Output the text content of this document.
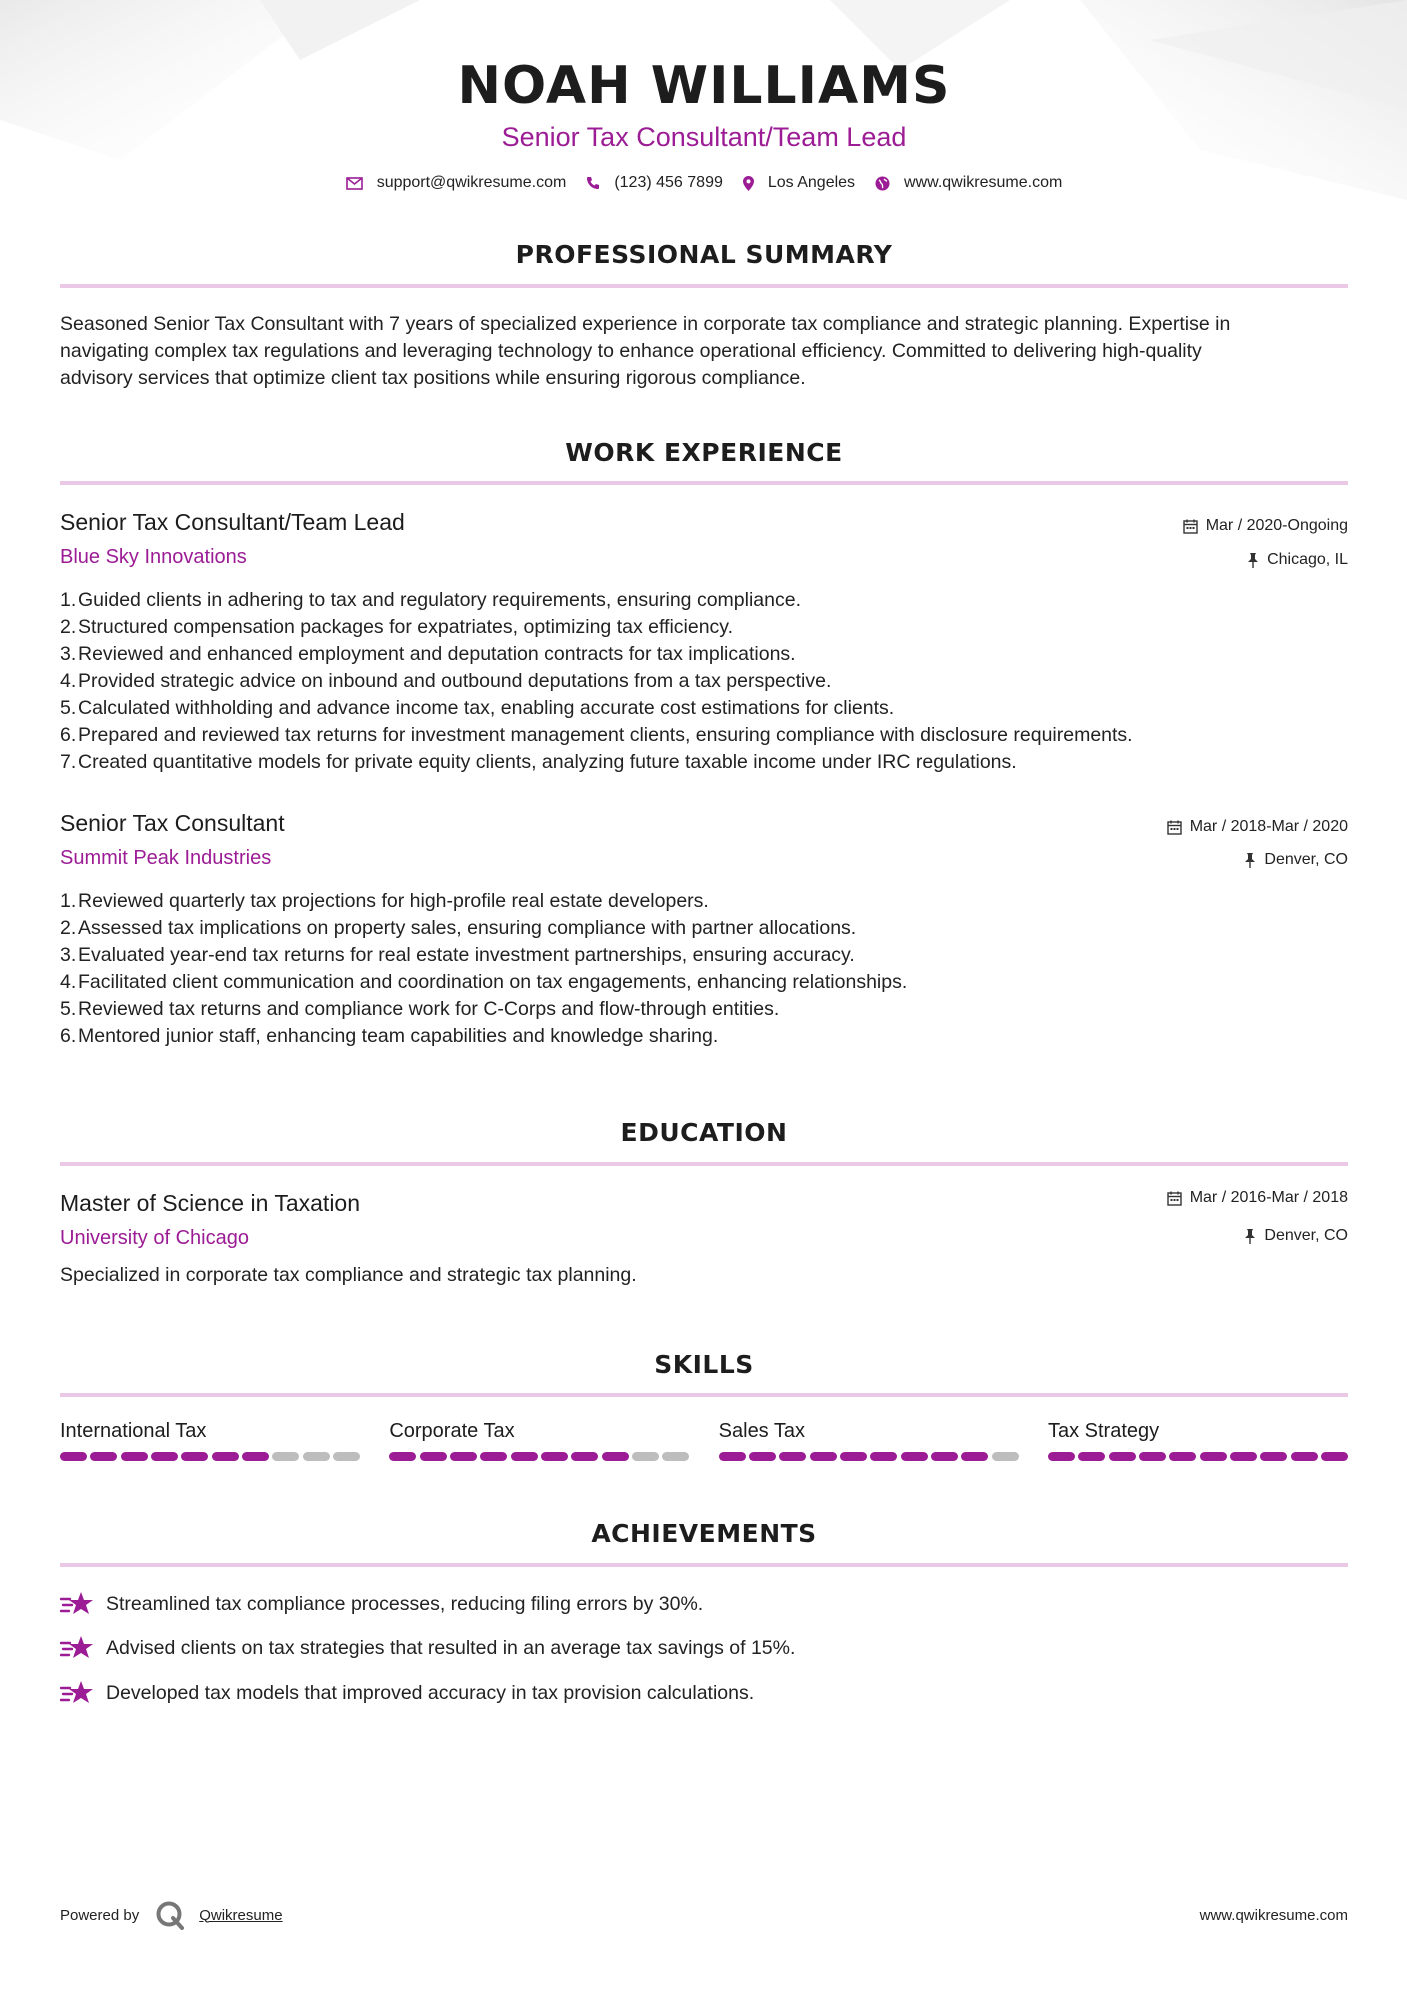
NOAH WILLIAMS
Senior Tax Consultant/Team Lead
support@qwikresume.com	(123) 456 7899	Los Angeles	www.qwikresume.com
PROFESSIONAL SUMMARY
Seasoned Senior Tax Consultant with 7 years of specialized experience in corporate tax compliance and strategic planning. Expertise in
navigating complex tax regulations and leveraging technology to enhance operational efficiency. Committed to delivering high-quality
advisory services that optimize client tax positions while ensuring rigorous compliance.
WORK EXPERIENCE
Senior Tax Consultant/Team Lead
Blue Sky Innovations
Mar / 2020-Ongoing
Chicago, IL
1.Guided clients in adhering to tax and regulatory requirements, ensuring compliance.
2.Structured compensation packages for expatriates, optimizing tax efficiency.
3.Reviewed and enhanced employment and deputation contracts for tax implications.
4.Provided strategic advice on inbound and outbound deputations from a tax perspective.
5.Calculated withholding and advance income tax, enabling accurate cost estimations for clients.
6.Prepared and reviewed tax returns for investment management clients, ensuring compliance with disclosure requirements.
7.Created quantitative models for private equity clients, analyzing future taxable income under IRC regulations.
Senior Tax Consultant
Summit Peak Industries
Mar / 2018-Mar / 2020
Denver, CO
1.Reviewed quarterly tax projections for high-profile real estate developers.
2.Assessed tax implications on property sales, ensuring compliance with partner allocations.
3.Evaluated year-end tax returns for real estate investment partnerships, ensuring accuracy.
4.Facilitated client communication and coordination on tax engagements, enhancing relationships.
5.Reviewed tax returns and compliance work for C-Corps and flow-through entities.
6.Mentored junior staff, enhancing team capabilities and knowledge sharing.
EDUCATION
Master of Science in Taxation
University of Chicago
Mar / 2016-Mar / 2018
Denver, CO
Specialized in corporate tax compliance and strategic tax planning.
SKILLS
International Tax	Corporate Tax	Sales Tax	Tax Strategy
ACHIEVEMENTS
Streamlined tax compliance processes, reducing filing errors by 30%.
Advised clients on tax strategies that resulted in an average tax savings of 15%.
Developed tax models that improved accuracy in tax provision calculations.
Powered by	Qwikresume	www.qwikresume.com
